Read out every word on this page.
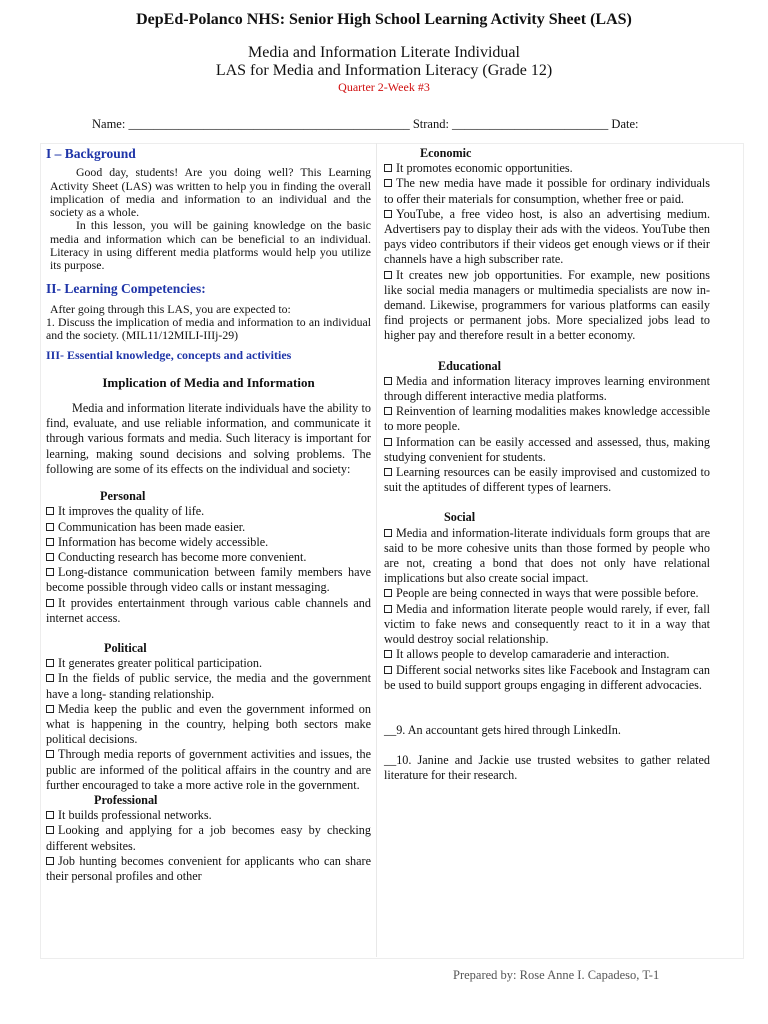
DepEd-Polanco NHS: Senior High School Learning Activity Sheet (LAS)
Media and Information Literate Individual
LAS for Media and Information Literacy (Grade 12)
Quarter 2-Week #3
Name: _____________________________________________ Strand: _________________________ Date:

I – Background

Good day, students! Are you doing well? This Learning Activity Sheet (LAS) was written to help you in finding the overall implication of media and information to an individual and the society as a whole.

In this lesson, you will be gaining knowledge on the basic media and information which can be beneficial to an individual. Literacy in using different media platforms would help you utilize its purpose.

II- Learning Competencies:

After going through this LAS, you are expected to:

1. Discuss the implication of media and information to an individual and the society. (MIL11/12MILI-IIIj-29)

III- Essential knowledge, concepts and activities

Implication of Media and Information

Media and information literate individuals have the ability to find, evaluate, and use reliable information, and communicate it through various formats and media. Such literacy is important for learning, making sound decisions and solving problems. The following are some of its effects on the individual and society:

Personal

It improves the quality of life.

Communication has been made easier.

Information has become widely accessible.

Conducting research has become more convenient.

Long-distance communication between family members have become possible through video calls or instant messaging.

It provides entertainment through various cable channels and internet access.

Political

It generates greater political participation.

In the fields of public service, the media and the government have a long- standing relationship.

Media keep the public and even the government informed on what is happening in the country, helping both sectors make political decisions.

Through media reports of government activities and issues, the public are informed of the political affairs in the country and are further encouraged to take a more active role in the government.

Professional

It builds professional networks.

Looking and applying for a job becomes easy by checking different websites.

Job hunting becomes convenient for applicants who can share their personal profiles and other

Economic

It promotes economic opportunities.

The new media have made it possible for ordinary individuals to offer their materials for consumption, whether free or paid.

YouTube, a free video host, is also an advertising medium. Advertisers pay to display their ads with the videos. YouTube then pays video contributors if their videos get enough views or if their channels have a high subscriber rate.

It creates new job opportunities. For example, new positions like social media managers or multimedia specialists are now in-demand. Likewise, programmers for various platforms can easily find projects or permanent jobs. More specialized jobs lead to higher pay and therefore result in a better economy.

Educational

Media and information literacy improves learning environment through different interactive media platforms.

Reinvention of learning modalities makes knowledge accessible to more people.

Information can be easily accessed and assessed, thus, making studying convenient for students.

Learning resources can be easily improvised and customized to suit the aptitudes of different types of learners.

Social

Media and information-literate individuals form groups that are said to be more cohesive units than those formed by people who are not, creating a bond that does not only have relational implications but also create social impact.

People are being connected in ways that were possible before.

Media and information literate people would rarely, if ever, fall victim to fake news and consequently react to it in a way that would destroy social relationship.

It allows people to develop camaraderie and interaction.

Different social networks sites like Facebook and Instagram can be used to build support groups engaging in different advocacies.

__9. An accountant gets hired through LinkedIn.

__10. Janine and Jackie use trusted websites to gather related literature for their research.

Prepared by: Rose Anne I. Capadeso, T-1
